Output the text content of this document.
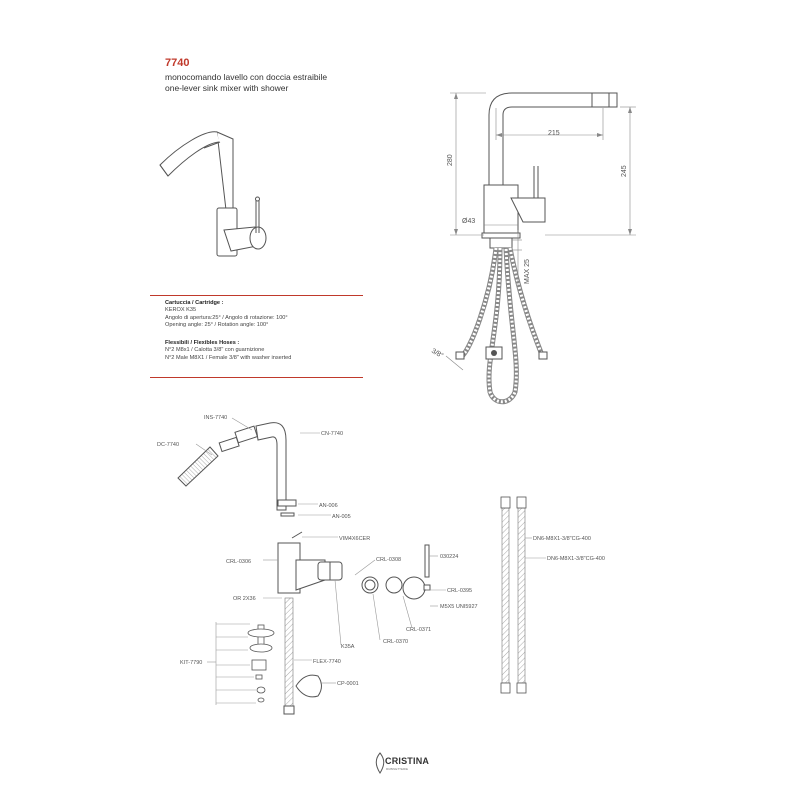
7740
monocomando lavello con doccia estraibile
one-lever sink mixer with shower
Cartuccia / Cartridge :
KEROX K35
Angolo di apertura:25° / Angolo di rotazione: 100°
Opening angle: 25° / Rotation angle: 100°
Flessibili / Flexibles Hoses :
N°2 M8x1 / Calotta 3/8" con guarnizione
N°2 Male M8X1 / Female 3/8" with washer inserted
215
280
245
Ø43
MAX 25
3/8"
INS-7740
DC-7740
CN-7740
AN-006
AN-005
VIM4X6CER
CRL-0306	CRL-0308	030224
CRL-0395
M5X5 UNI5927
OR 2X36
CRL-0371
CRL-0370
K35A
KIT-7790	FLEX-7740
CP-0001
DN6-M8X1-3/8"CG-400
DN6-M8X1-3/8"CG-400
CRISTINA
RUBINETTERIE
